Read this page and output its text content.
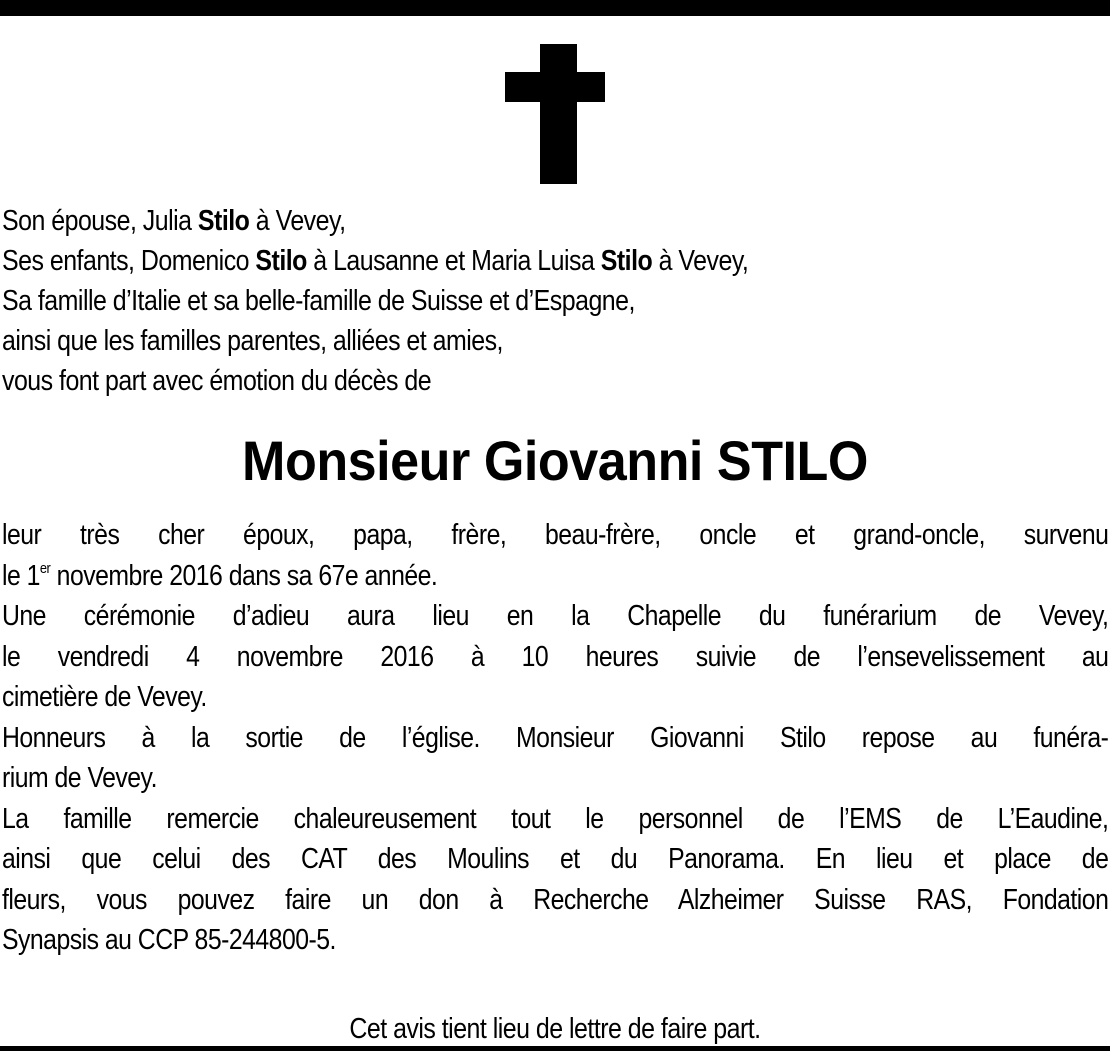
Son épouse, Julia Stilo à Vevey,
Ses enfants, Domenico Stilo à Lausanne et Maria Luisa Stilo à Vevey,
Sa famille d’Italie et sa belle-famille de Suisse et d’Espagne,
ainsi que les familles parentes, alliées et amies,
vous font part avec émotion du décès de
Monsieur Giovanni STILO
leur très cher époux, papa, frère, beau-frère, oncle et grand-oncle, survenu
le 1er novembre 2016 dans sa 67e année.
Une cérémonie d’adieu aura lieu en la Chapelle du funérarium de Vevey,
le vendredi 4 novembre 2016 à 10 heures suivie de l’ensevelissement au
cimetière de Vevey.
Honneurs à la sortie de l’église. Monsieur Giovanni Stilo repose au funéra-
rium de Vevey.
La famille remercie chaleureusement tout le personnel de l’EMS de L’Eaudine,
ainsi que celui des CAT des Moulins et du Panorama. En lieu et place de
fleurs, vous pouvez faire un don à Recherche Alzheimer Suisse RAS, Fondation
Synapsis au CCP 85-244800-5.
Cet avis tient lieu de lettre de faire part.
